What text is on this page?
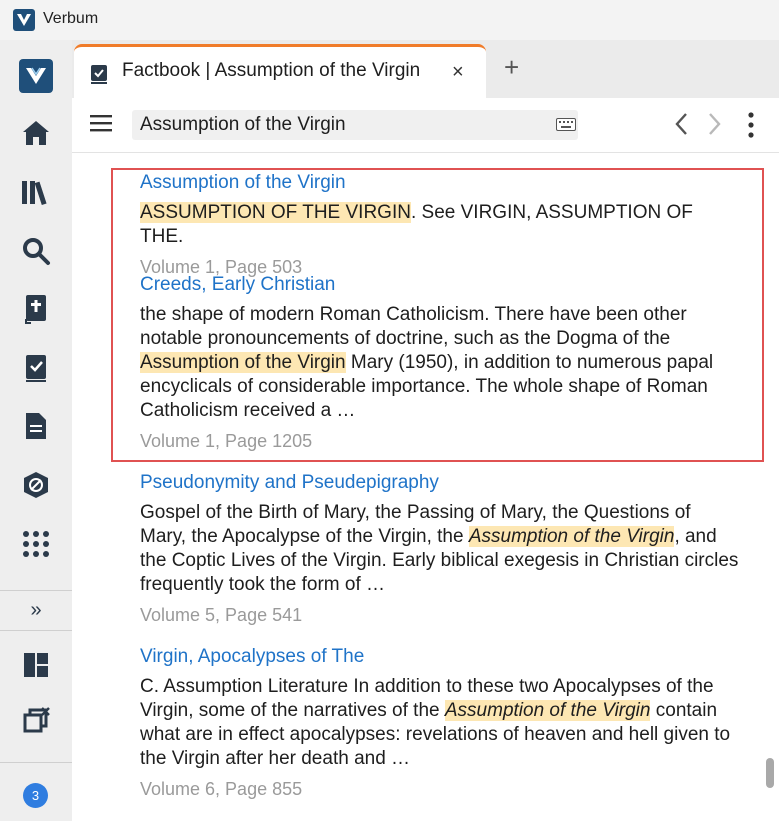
Verbum
»
3
Factbook | Assumption of the Virgin × +
Assumption of the Virgin
Assumption of the Virgin
ASSUMPTION OF THE VIRGIN. See VIRGIN, ASSUMPTION OF THE.
Volume 1, Page 503
Creeds, Early Christian
the shape of modern Roman Catholicism. There have been other notable pronouncements of doctrine, such as the Dogma of the Assumption of the Virgin Mary (1950), in addition to numerous papal encyclicals of considerable importance. The whole shape of Roman Catholicism received a …
Volume 1, Page 1205
Pseudonymity and Pseudepigraphy
Gospel of the Birth of Mary, the Passing of Mary, the Questions of Mary, the Apocalypse of the Virgin, the Assumption of the Virgin, and the Coptic Lives of the Virgin. Early biblical exegesis in Christian circles frequently took the form of …
Volume 5, Page 541
Virgin, Apocalypses of The
C. Assumption Literature In addition to these two Apocalypses of the Virgin, some of the narratives of the Assumption of the Virgin contain what are in effect apocalypses: revelations of heaven and hell given to the Virgin after her death and …
Volume 6, Page 855
